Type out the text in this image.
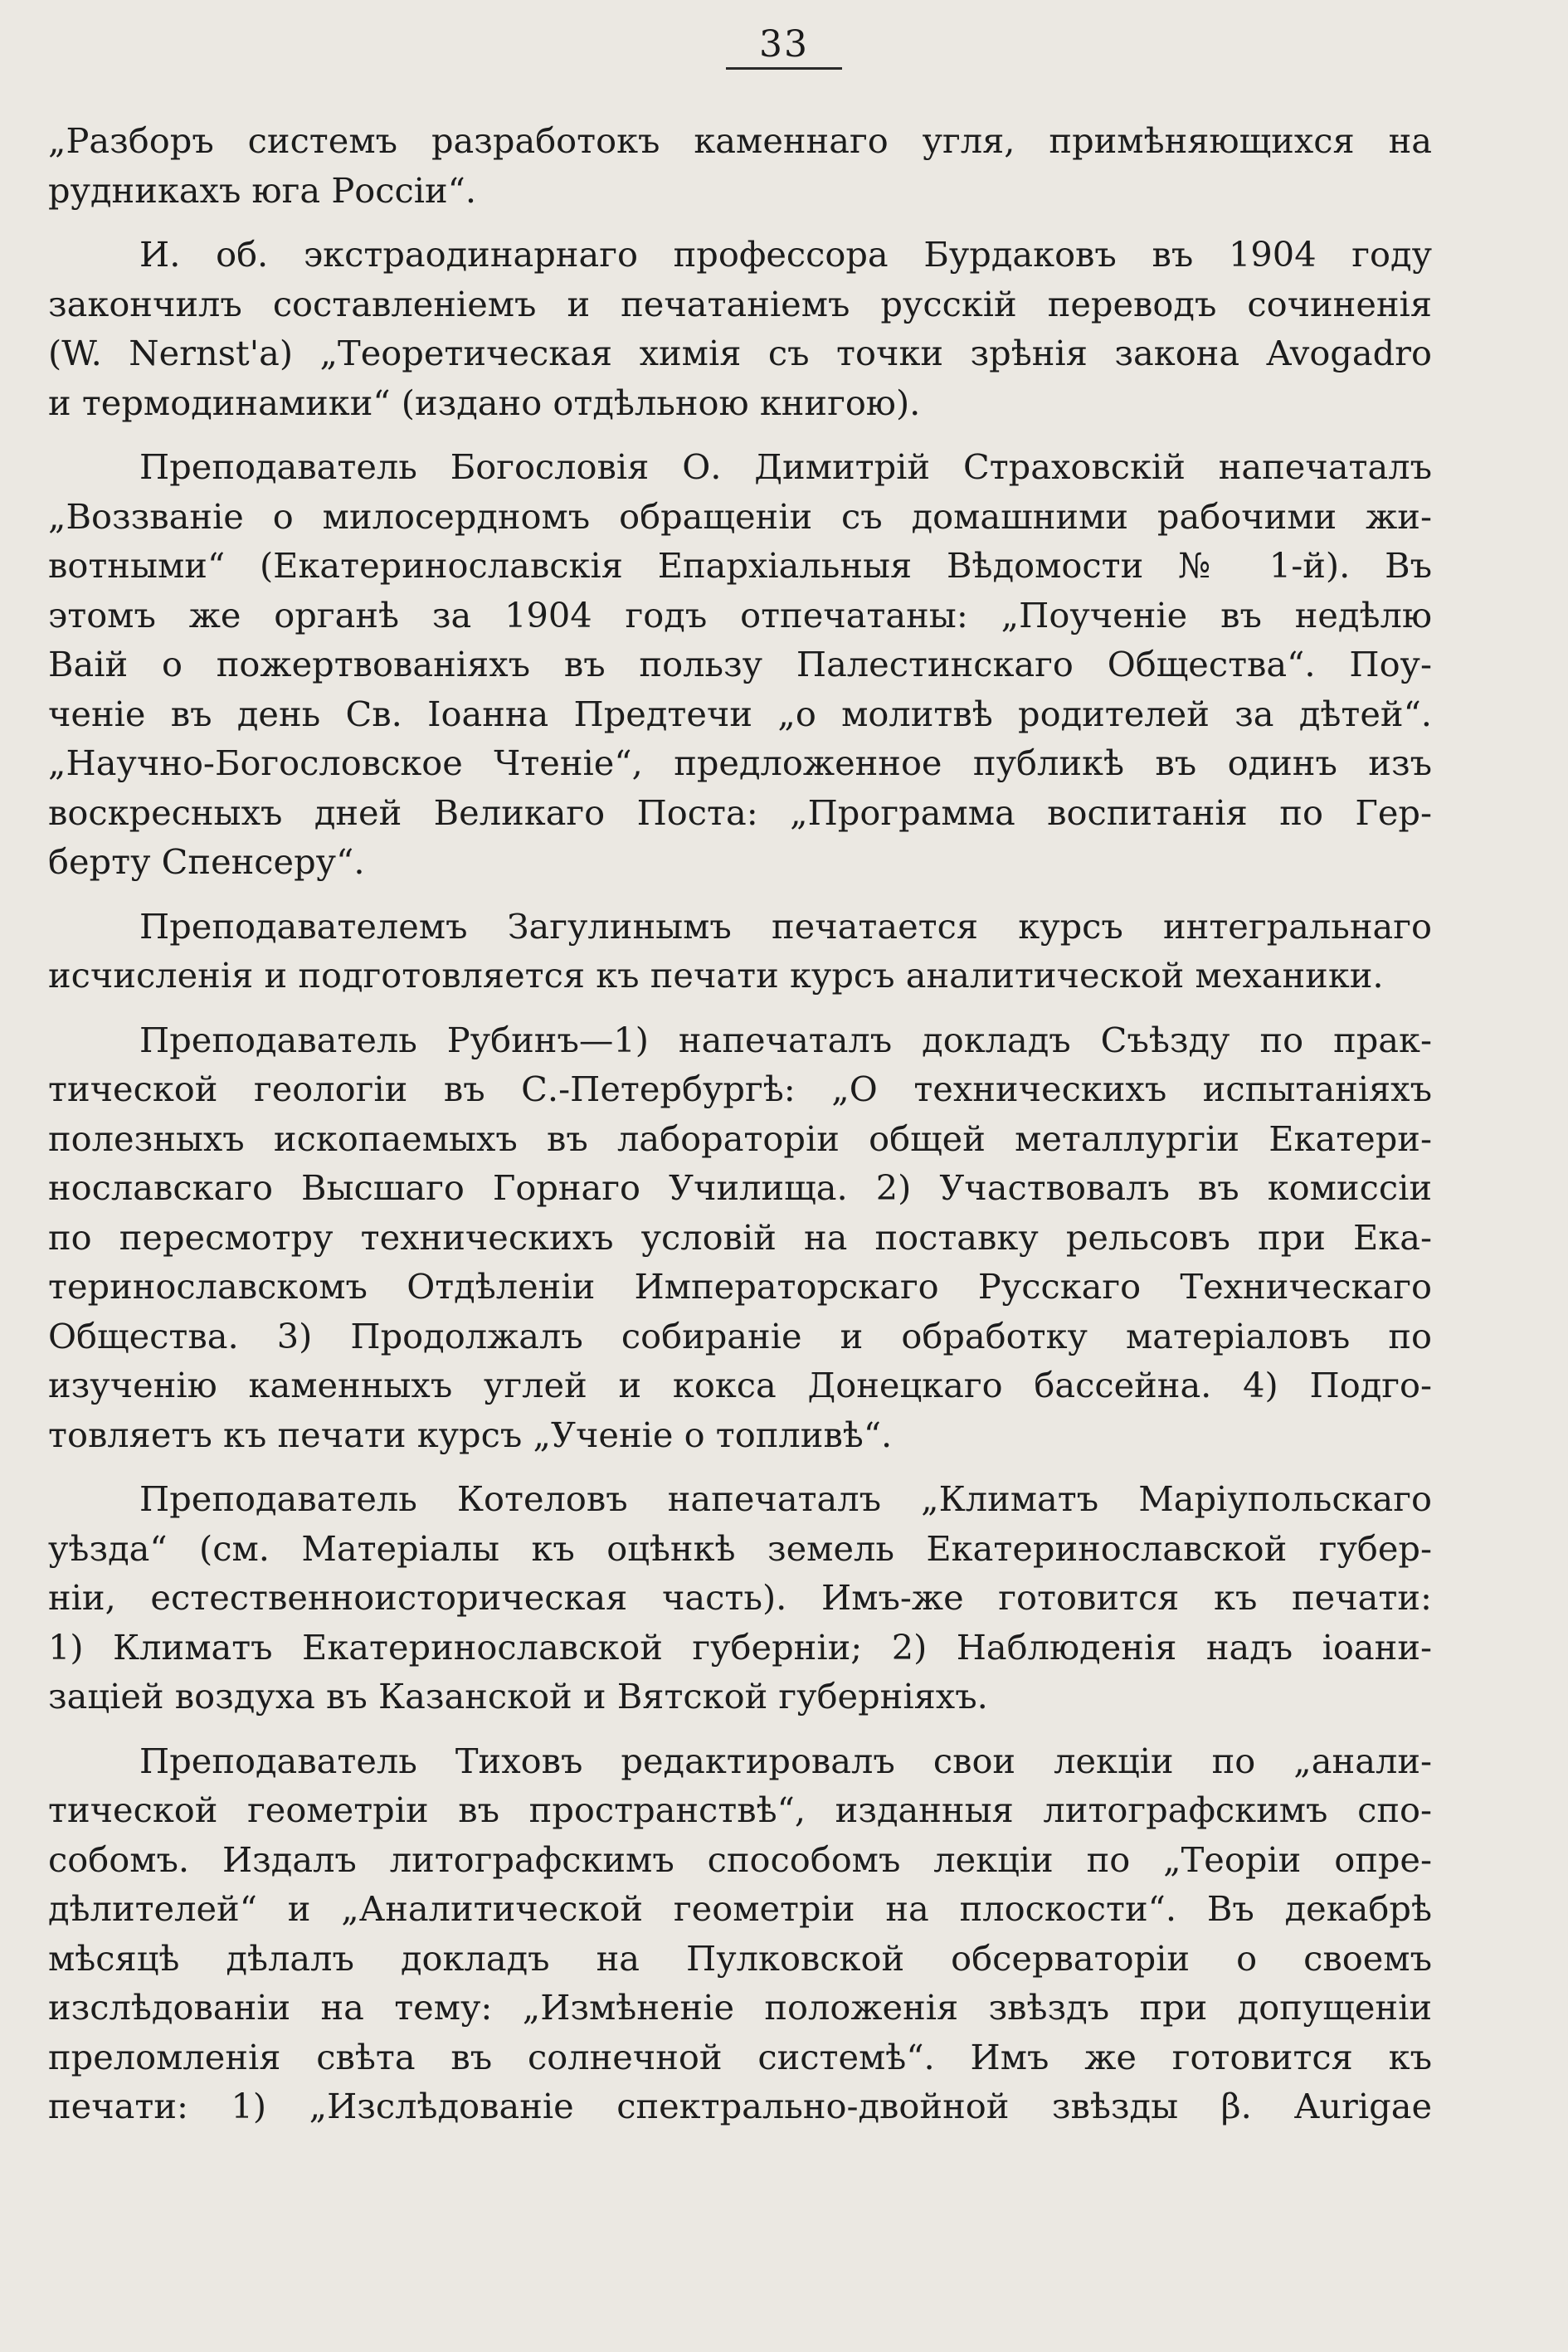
33
„Разборъ системъ разработокъ каменнаго угля, примѣняющихся на
рудникахъ юга Россіи“.
И. об. экстраодинарнаго профессора Бурдаковъ въ 1904 году
закончилъ составленіемъ и печатаніемъ русскій переводъ сочиненія
(W. Nernst'a) „Теоретическая химія съ точки зрѣнія закона Avogadro
и термодинамики“ (издано отдѣльною книгою).
Преподаватель Богословія О. Димитрій Страховскій напечаталъ
„Воззваніе о милосердномъ обращеніи съ домашними рабочими жи-
вотными“ (Екатеринославскія Епархіальныя Вѣдомости № 1-й). Въ
этомъ же органѣ за 1904 годъ отпечатаны: „Поученіе въ недѣлю
Ваій о пожертвованіяхъ въ пользу Палестинскаго Общества“. Поу-
ченіе въ день Св. Іоанна Предтечи „о молитвѣ родителей за дѣтей“.
„Научно-Богословское Чтеніе“, предложенное публикѣ въ одинъ изъ
воскресныхъ дней Великаго Поста: „Программа воспитанія по Гер-
берту Спенсеру“.
Преподавателемъ Загулинымъ печатается курсъ интегральнаго
исчисленія и подготовляется къ печати курсъ аналитической механики.
Преподаватель Рубинъ—1) напечаталъ докладъ Съѣзду по прак-
тической геологіи въ С.-Петербургѣ: „О техническихъ испытаніяхъ
полезныхъ ископаемыхъ въ лабораторіи общей металлургіи Екатери-
нославскаго Высшаго Горнаго Училища. 2) Участвовалъ въ комиссіи
по пересмотру техническихъ условій на поставку рельсовъ при Ека-
теринославскомъ Отдѣленіи Императорскаго Русскаго Техническаго
Общества. 3) Продолжалъ собираніе и обработку матеріаловъ по
изученію каменныхъ углей и кокса Донецкаго бассейна. 4) Подго-
товляетъ къ печати курсъ „Ученіе о топливѣ“.
Преподаватель Котеловъ напечаталъ „Климатъ Маріупольскаго
уѣзда“ (см. Матеріалы къ оцѣнкѣ земель Екатеринославской губер-
ніи, естественноисторическая часть). Имъ-же готовится къ печати:
1) Климатъ Екатеринославской губерніи; 2) Наблюденія надъ іоани-
заціей воздуха въ Казанской и Вятской губерніяхъ.
Преподаватель Тиховъ редактировалъ свои лекціи по „анали-
тической геометріи въ пространствѣ“, изданныя литографскимъ спо-
собомъ. Издалъ литографскимъ способомъ лекціи по „Теоріи опре-
дѣлителей“ и „Аналитической геометріи на плоскости“. Въ декабрѣ
мѣсяцѣ дѣлалъ докладъ на Пулковской обсерваторіи о своемъ
изслѣдованіи на тему: „Измѣненіе положенія звѣздъ при допущеніи
преломленія свѣта въ солнечной системѣ“. Имъ же готовится къ
печати: 1) „Изслѣдованіе спектрально-двойной звѣзды β. Aurigae
